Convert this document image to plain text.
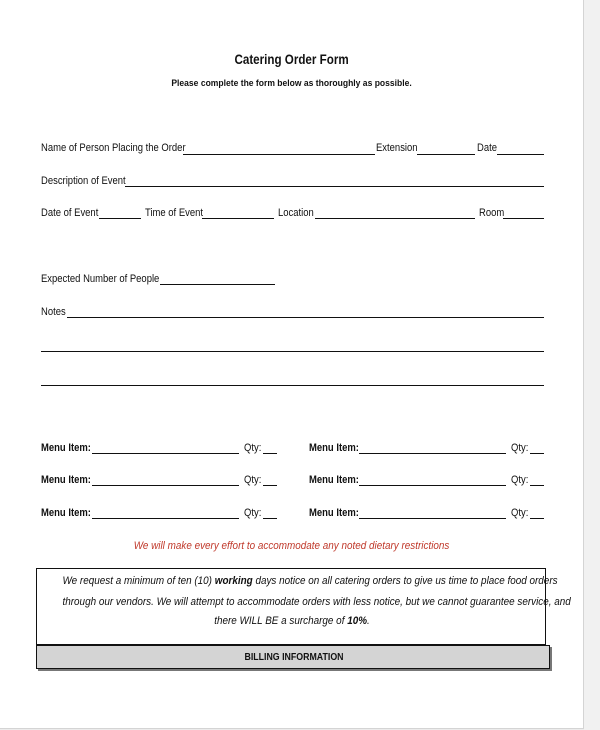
Catering Order Form
Please complete the form below as thoroughly as possible.
Name of Person Placing the Order	Extension	Date
Description of Event
Date of Event	Time of Event	Location	Room
Expected Number of People
Notes
Menu Item:	Qty:
Menu Item:	Qty:
Menu Item:	Qty:
Menu Item:	Qty:
Menu Item:	Qty:
Menu Item:	Qty:
We will make every effort to accommodate any noted dietary restrictions
We request a minimum of ten (10) working days notice on all catering orders to give us time to place food orders
through our vendors. We will attempt to accommodate orders with less notice, but we cannot guarantee service, and
there WILL BE a surcharge of 10%.
BILLING INFORMATION
